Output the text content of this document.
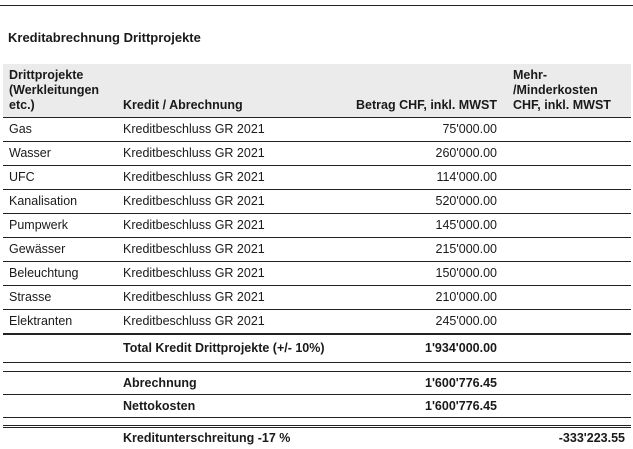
Kreditabrechnung Drittprojekte
Drittprojekte (Werkleitungen etc.)	Kredit / Abrechnung	Betrag CHF, inkl. MWST	Mehr- /Minderkosten CHF, inkl. MWST
Gas	Kreditbeschluss GR 2021	75'000.00	
Wasser	Kreditbeschluss GR 2021	260'000.00	
UFC	Kreditbeschluss GR 2021	114'000.00	
Kanalisation	Kreditbeschluss GR 2021	520'000.00	
Pumpwerk	Kreditbeschluss GR 2021	145'000.00	
Gewässer	Kreditbeschluss GR 2021	215'000.00	
Beleuchtung	Kreditbeschluss GR 2021	150'000.00	
Strasse	Kreditbeschluss GR 2021	210'000.00	
Elektranten	Kreditbeschluss GR 2021	245'000.00	
	Total Kredit Drittprojekte (+/- 10%)	1'934'000.00	

	Abrechnung	1'600'776.45	
	Nettokosten	1'600'776.45	

	Kreditunterschreitung -17 %		-333'223.55
